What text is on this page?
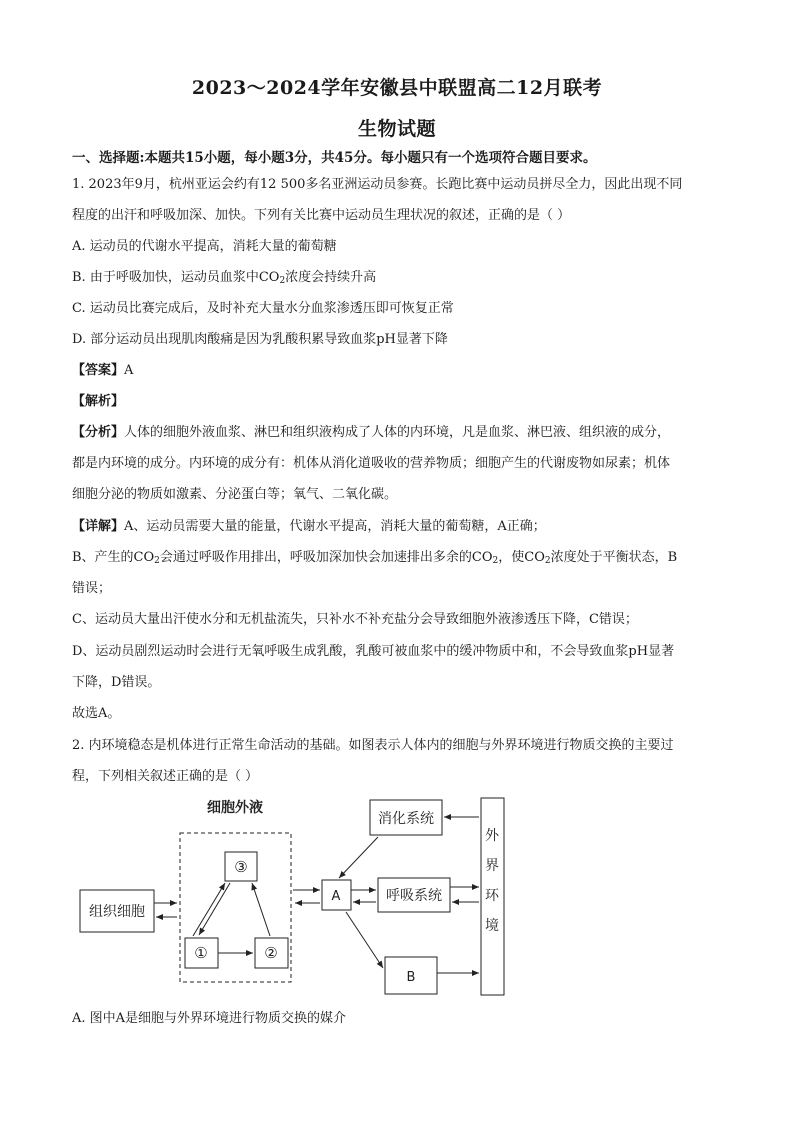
2023～2024学年安徽县中联盟高二12月联考
生物试题
一、选择题:本题共15小题，每小题3分，共45分。每小题只有一个选项符合题目要求。
1. 2023年9月，杭州亚运会约有12 500多名亚洲运动员参赛。长跑比赛中运动员拼尽全力，因此出现不同
程度的出汗和呼吸加深、加快。下列有关比赛中运动员生理状况的叙述，正确的是（ ）
A. 运动员的代谢水平提高，消耗大量的葡萄糖
B. 由于呼吸加快，运动员血浆中$CO_2$浓度会持续升高
C. 运动员比赛完成后，及时补充大量水分血浆渗透压即可恢复正常
D. 部分运动员出现肌肉酸痛是因为乳酸积累导致血浆pH显著下降
【答案】A
【解析】
【分析】人体的细胞外液血浆、淋巴和组织液构成了人体的内环境，凡是血浆、淋巴液、组织液的成分，
都是内环境的成分。内环境的成分有：机体从消化道吸收的营养物质；细胞产生的代谢废物如尿素；机体
细胞分泌的物质如激素、分泌蛋白等；氧气、二氧化碳。
【详解】A、运动员需要大量的能量，代谢水平提高，消耗大量的葡萄糖，A正确；
B、产生的$CO_2$会通过呼吸作用排出，呼吸加深加快会加速排出多余的$CO_2$，使$CO_2$浓度处于平衡状态，B
错误；
C、运动员大量出汗使水分和无机盐流失，只补水不补充盐分会导致细胞外液渗透压下降，C错误；
D、运动员剧烈运动时会进行无氧呼吸生成乳酸，乳酸可被血浆中的缓冲物质中和，不会导致血浆pH显著
下降，D错误。
故选A。
2. 内环境稳态是机体进行正常生命活动的基础。如图表示人体内的细胞与外界环境进行物质交换的主要过
程，下列相关叙述正确的是（ ）
细胞外液
组织细胞
③
①	②
A
消化系统
呼吸系统
B
外
界
环
境
A. 图中A是细胞与外界环境进行物质交换的媒介
